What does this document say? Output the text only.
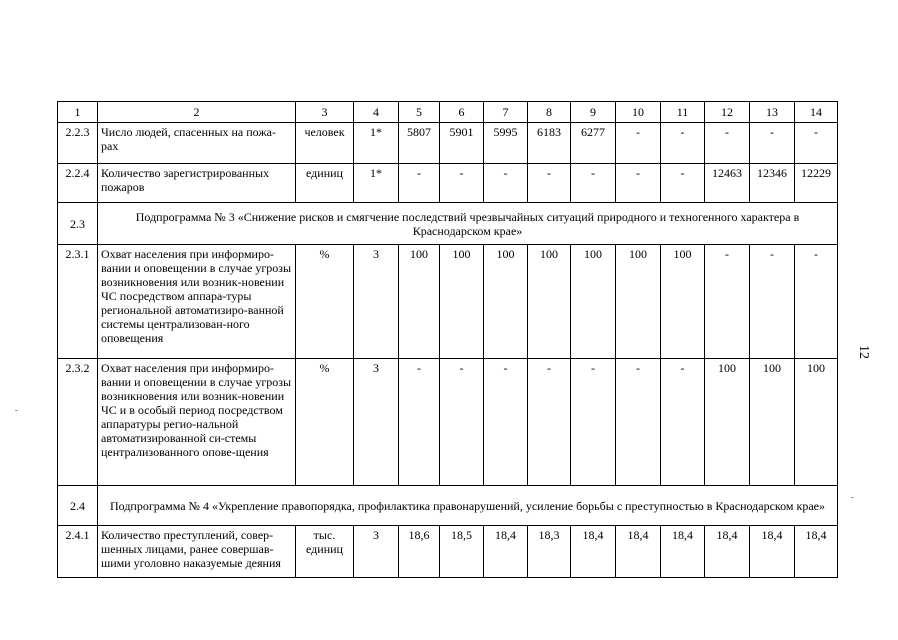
1	2	3	4	5	6	7	8	9	10	11	12	13	14
2.2.3	Число людей, спасенных на пожа-рах	человек	1*	5807	5901	5995	6183	6277	-	-	-	-	-
2.2.4	Количество зарегистрированных пожаров	единиц	1*	-	-	-	-	-	-	-	12463	12346	12229
2.3	Подпрограмма № 3 «Снижение рисков и смягчение последствий чрезвычайных ситуаций природного и техногенного характера в Краснодарском крае»												
2.3.1	Охват населения при информиро-вании и оповещении в случае угрозы возникновения или возник-новении ЧС посредством аппара-туры региональной автоматизиро-ванной системы централизован-ного оповещения	%	3	100	100	100	100	100	100	100	-	-	-
2.3.2	Охват населения при информиро-вании и оповещении в случае угрозы возникновения или возник-новении ЧС и в особый период посредством аппаратуры регио-нальной автоматизированной си-стемы централизованного опове-щения	%	3	-	-	-	-	-	-	-	100	100	100
2.4	Подпрограмма № 4 «Укрепление правопорядка, профилактика правонарушений, усиление борьбы с преступностью в Краснодарском крае»												
2.4.1	Количество преступлений, совер-шенных лицами, ранее совершав-шими уголовно наказуемые деяния	тыс. единиц	3	18,6	18,5	18,4	18,3	18,4	18,4	18,4	18,4	18,4	18,4
12
